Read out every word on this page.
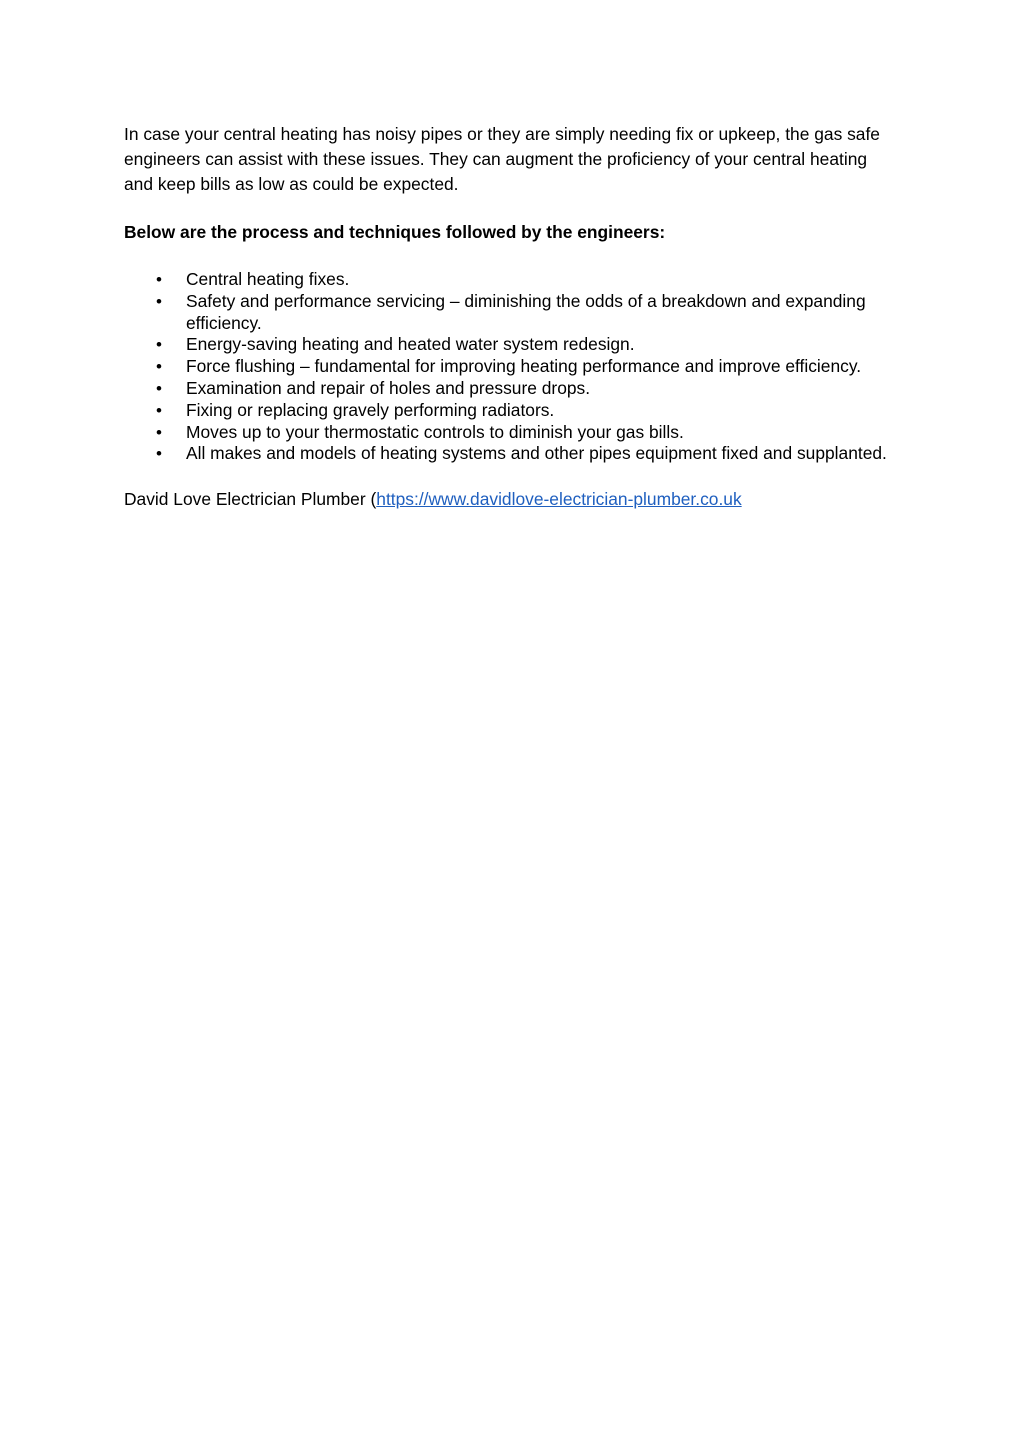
In case your central heating has noisy pipes or they are simply needing fix or upkeep, the gas safe engineers can assist with these issues. They can augment the proficiency of your central heating and keep bills as low as could be expected.

Below are the process and techniques followed by the engineers:

• Central heating fixes.
• Safety and performance servicing – diminishing the odds of a breakdown and expanding efficiency.
• Energy-saving heating and heated water system redesign.
• Force flushing – fundamental for improving heating performance and improve efficiency.
• Examination and repair of holes and pressure drops.
• Fixing or replacing gravely performing radiators.
• Moves up to your thermostatic controls to diminish your gas bills.
• All makes and models of heating systems and other pipes equipment fixed and supplanted.

David Love Electrician Plumber (https://www.davidlove-electrician-plumber.co.uk
